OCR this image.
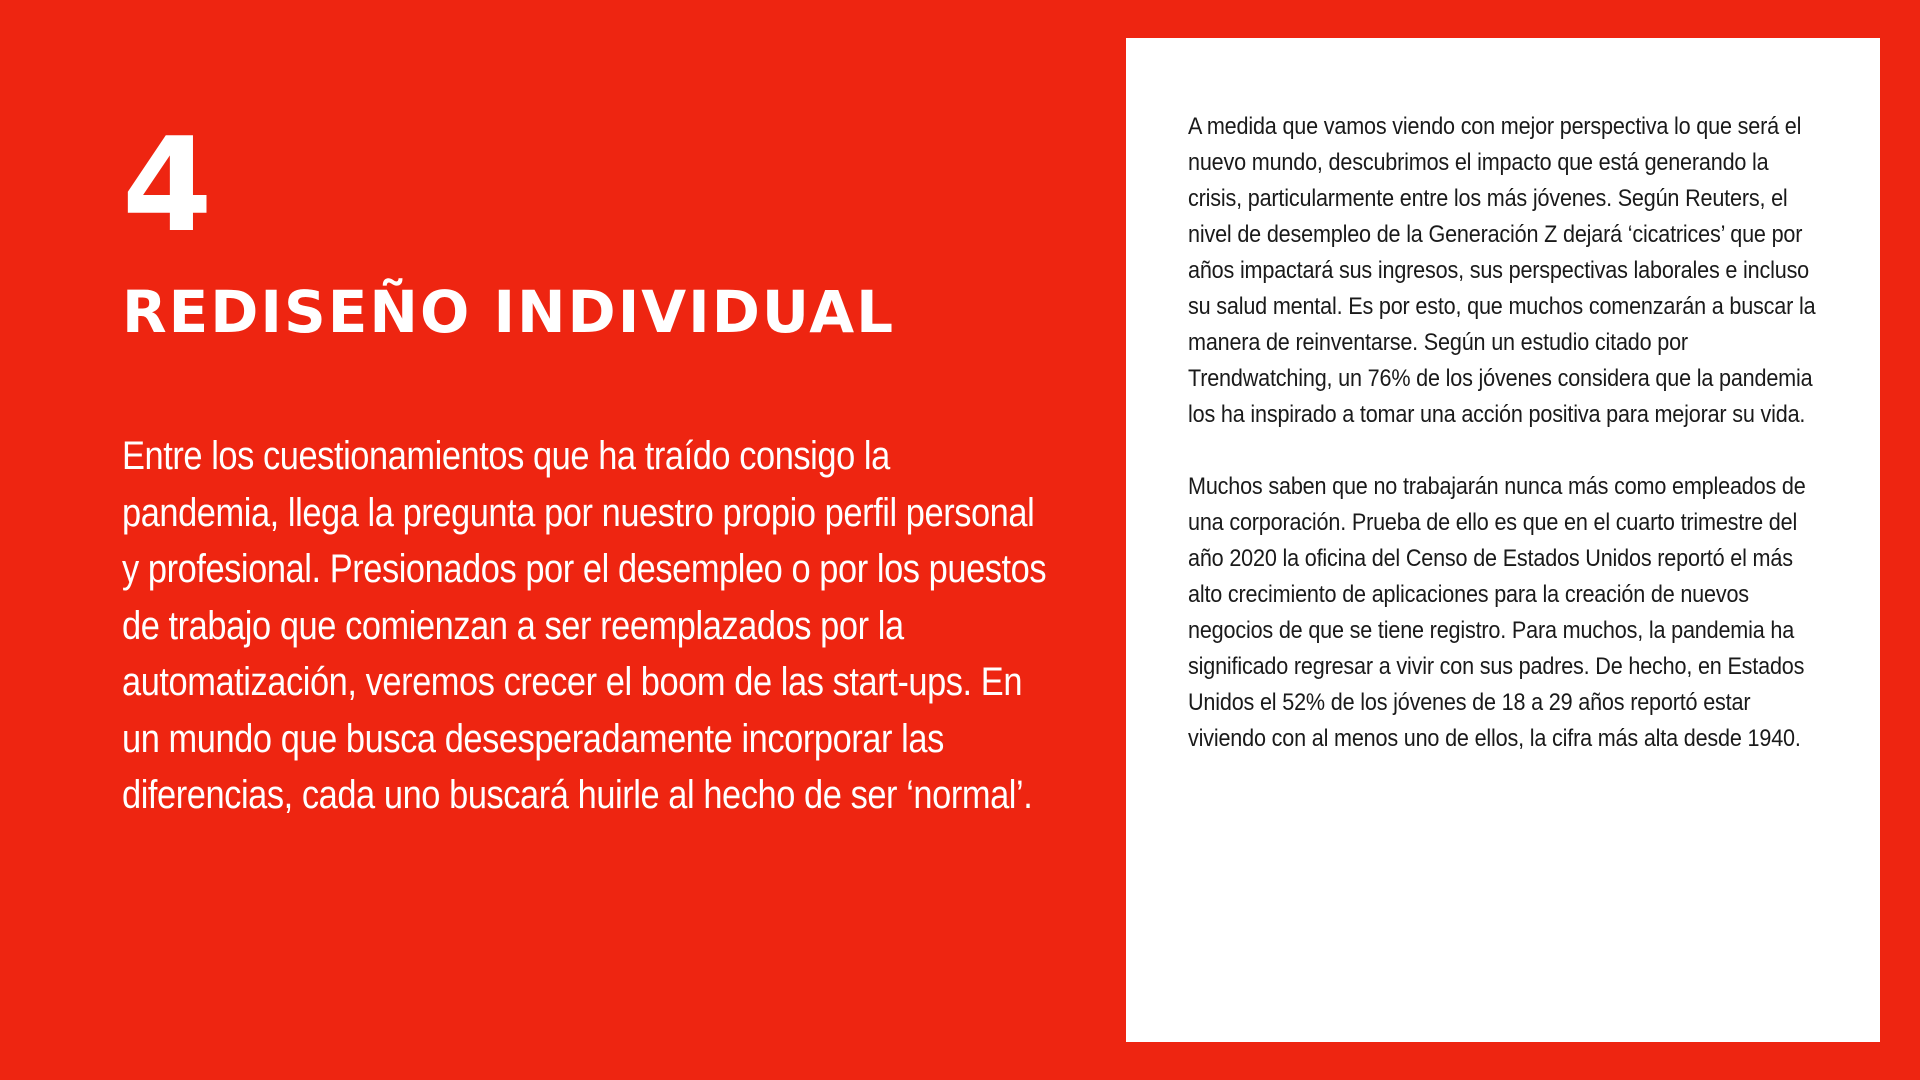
4
REDISEÑO INDIVIDUAL
Entre los cuestionamientos que ha traído consigo la pandemia, llega la pregunta por nuestro propio perfil personal y profesional. Presionados por el desempleo o por los puestos de trabajo que comienzan a ser reemplazados por la automatización, veremos crecer el boom de las start-ups. En un mundo que busca desesperadamente incorporar las diferencias, cada uno buscará huirle al hecho de ser ‘normal’.

A medida que vamos viendo con mejor perspectiva lo que será el nuevo mundo, descubrimos el impacto que está generando la crisis, particularmente entre los más jóvenes. Según Reuters, el nivel de desempleo de la Generación Z dejará ‘cicatrices’ que por años impactará sus ingresos, sus perspectivas laborales e incluso su salud mental. Es por esto, que muchos comenzarán a buscar la manera de reinventarse. Según un estudio citado por Trendwatching, un 76% de los jóvenes considera que la pandemia los ha inspirado a tomar una acción positiva para mejorar su vida.

Muchos saben que no trabajarán nunca más como empleados de una corporación. Prueba de ello es que en el cuarto trimestre del año 2020 la oficina del Censo de Estados Unidos reportó el más alto crecimiento de aplicaciones para la creación de nuevos negocios de que se tiene registro. Para muchos, la pandemia ha significado regresar a vivir con sus padres. De hecho, en Estados Unidos el 52% de los jóvenes de 18 a 29 años reportó estar viviendo con al menos uno de ellos, la cifra más alta desde 1940.
